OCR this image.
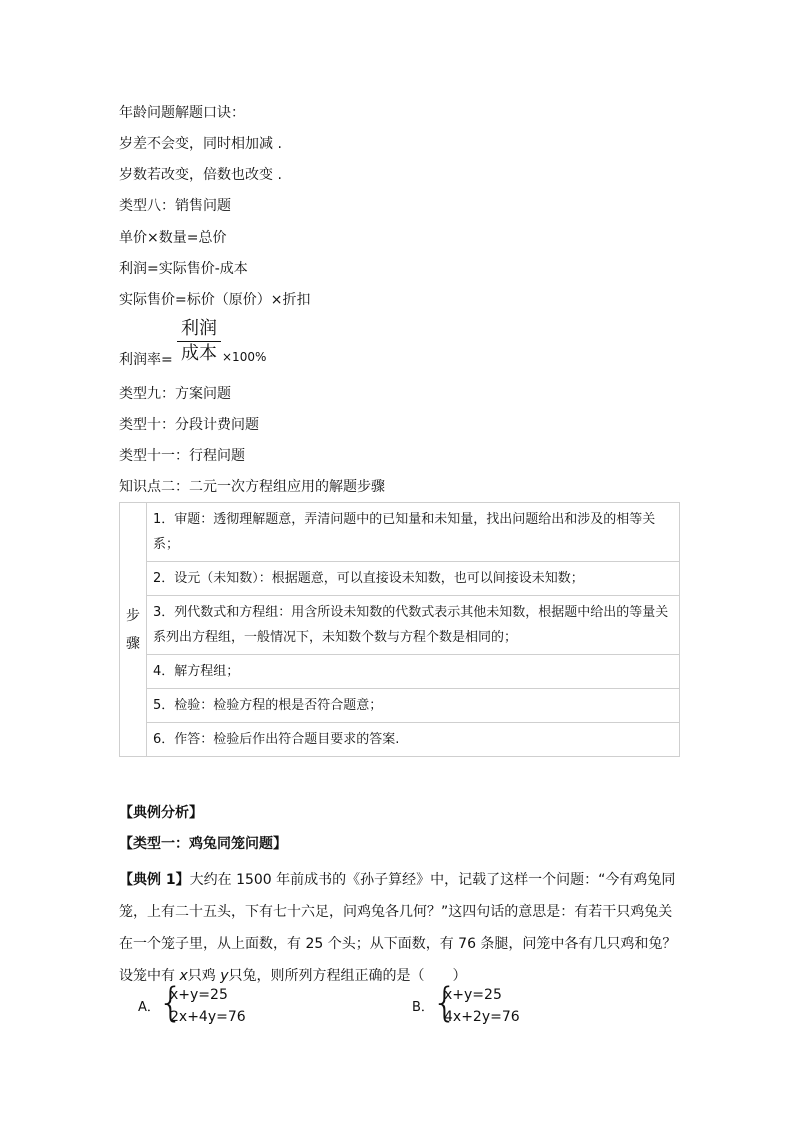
年龄问题解题口诀：
岁差不会变，同时相加减 .
岁数若改变，倍数也改变 .
类型八：销售问题
单价×数量=总价
利润=实际售价-成本
实际售价=标价（原价）×折扣
利润率=
利润
成本 ×100%
类型九：方案问题
类型十：分段计费问题
类型十一：行程问题
知识点二：二元一次方程组应用的解题步骤
步骤	1．审题：透彻理解题意，弄清问题中的已知量和未知量，找出问题给出和涉及的相等关系；
2．设元（未知数）：根据题意，可以直接设未知数，也可以间接设未知数；
3．列代数式和方程组：用含所设未知数的代数式表示其他未知数，根据题中给出的等量关系列出方程组，一般情况下，未知数个数与方程个数是相同的；
4．解方程组；
5．检验：检验方程的根是否符合题意；
6．作答：检验后作出符合题目要求的答案.
【典例分析】
【类型一：鸡兔同笼问题】
【典例 1】大约在 1500 年前成书的《孙子算经》中，记载了这样一个问题：“今有鸡兔同笼，上有二十五头，下有七十六足，问鸡兔各几何？”这四句话的意思是：有若干只鸡兔关在一个笼子里，从上面数，有 25 个头；从下面数，有 76 条腿，问笼中各有几只鸡和兔？设笼中有 x只鸡 y只兔，则所列方程组正确的是（　　）
A．
{
x+y=25
2x+4y=76
B．
{
x+y=25
4x+2y=76
